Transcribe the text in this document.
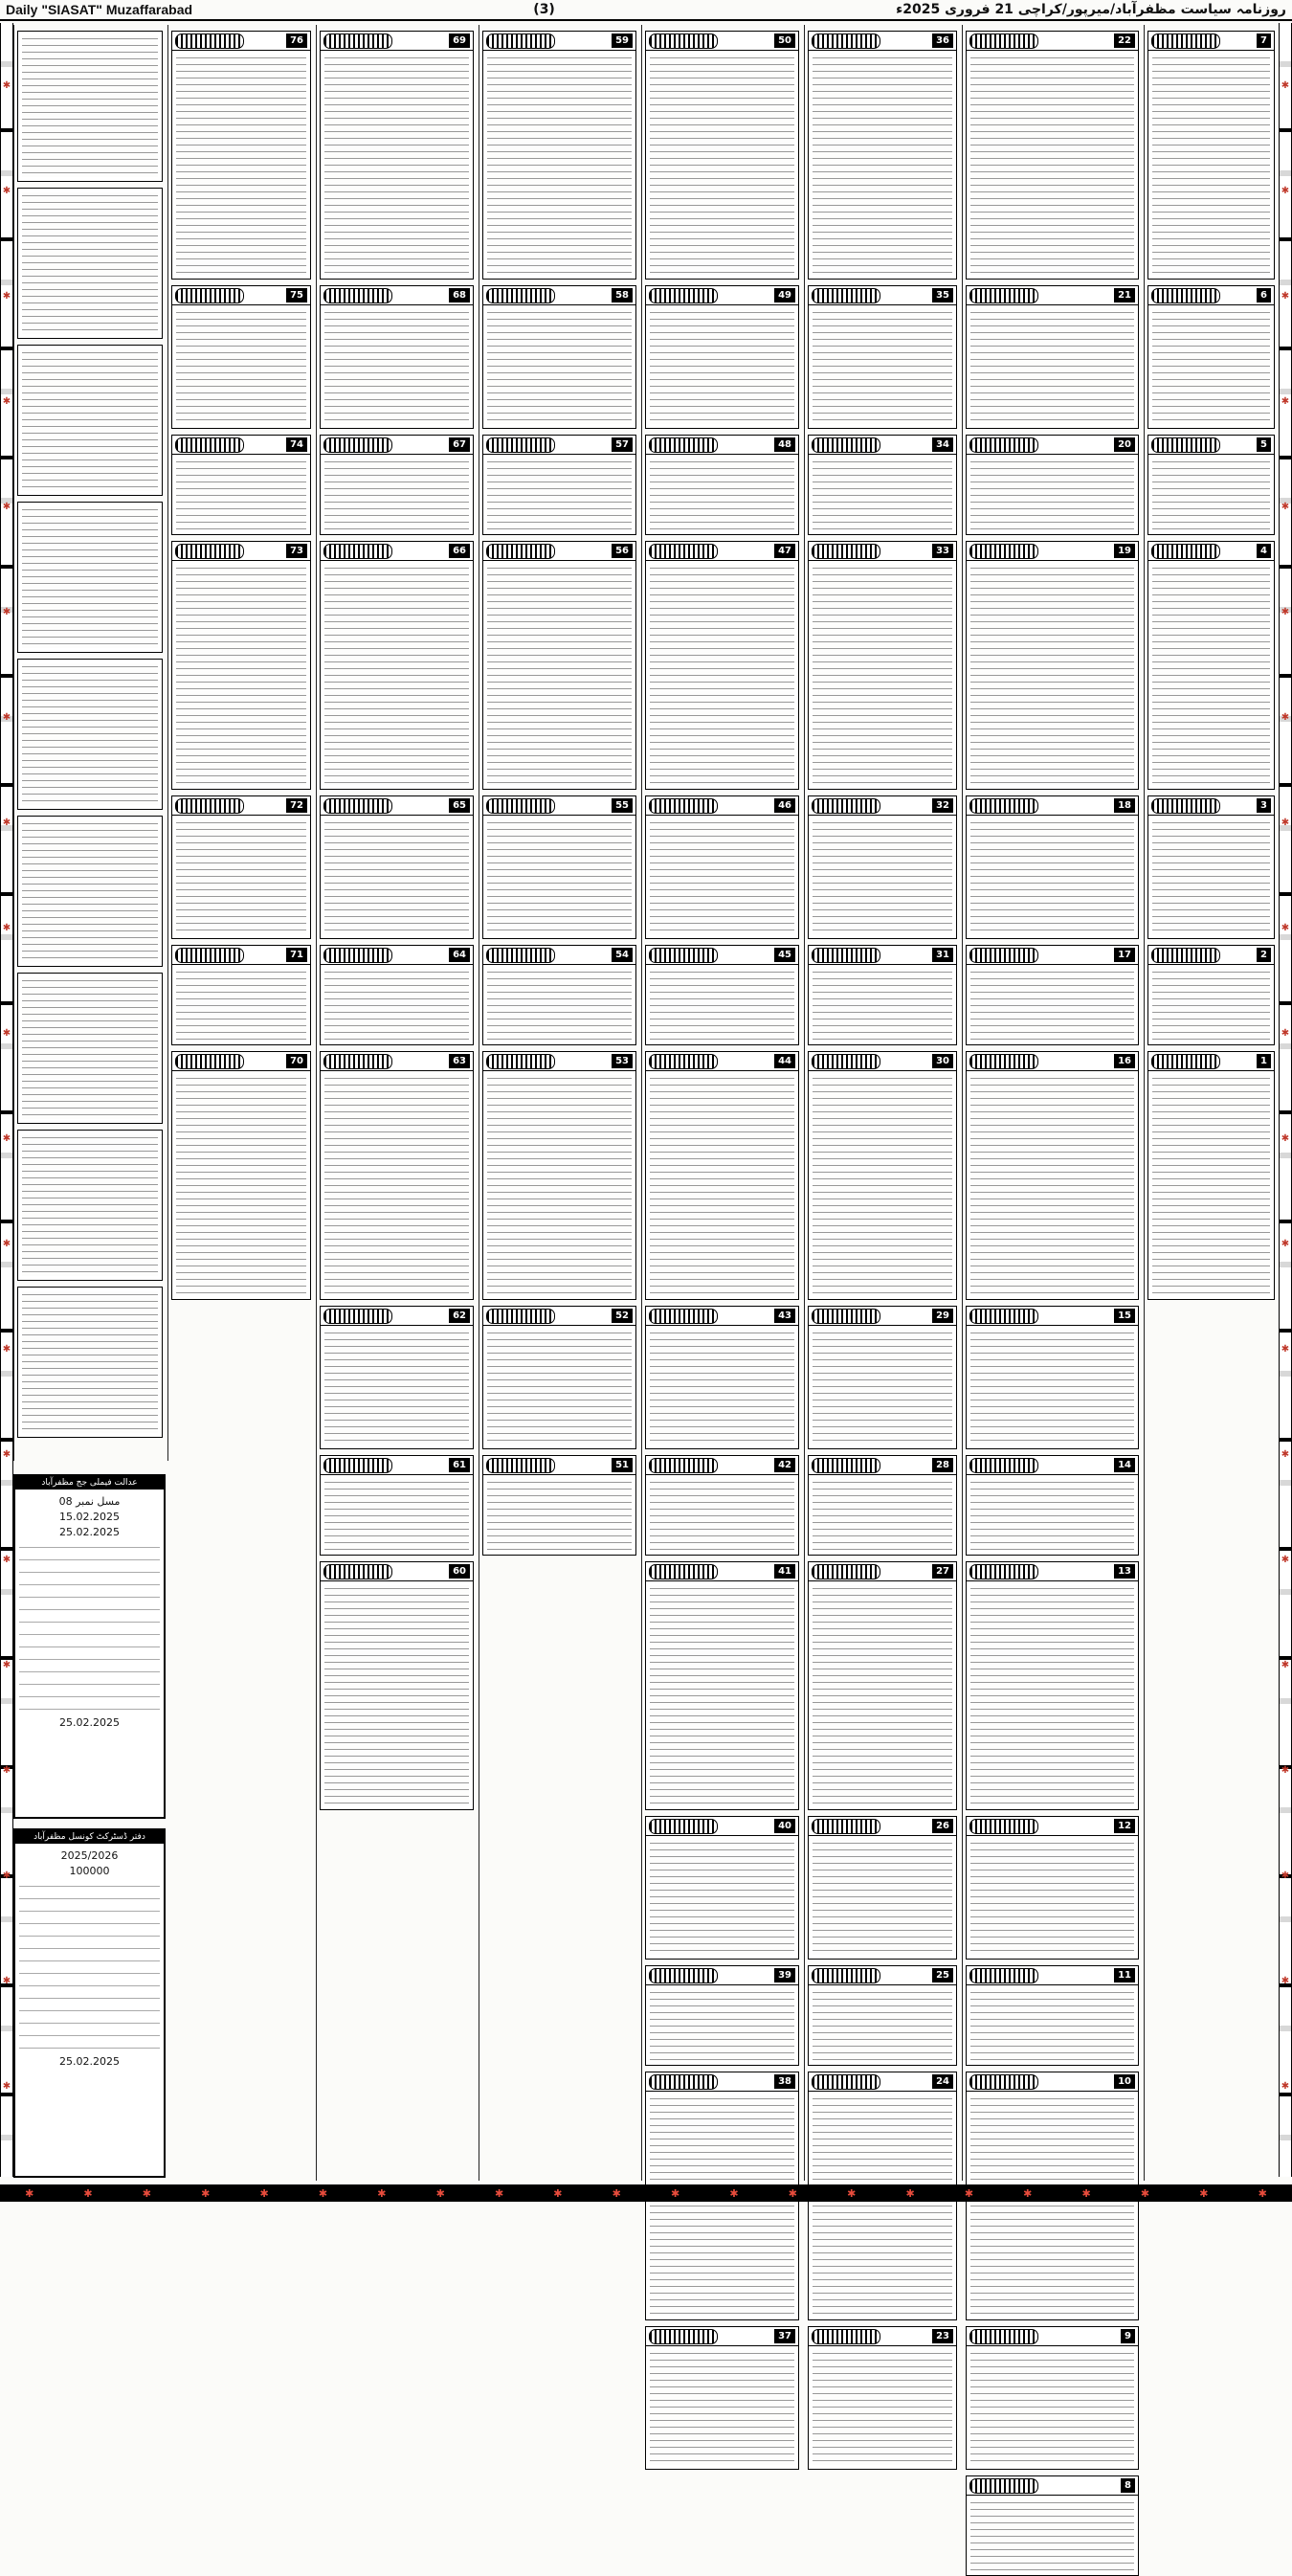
Daily "SIASAT" Muzaffarabad	(3)	روزنامہ سیاست مظفرآباد/میرپور/کراچی 21 فروری 2025ء
✱
✱
✱
✱
✱
✱
✱
✱
✱
✱
✱
✱
✱
✱
✱
✱
✱
✱
✱
✱
✱
✱
✱
✱
✱
✱
✱
✱
✱
✱
✱
✱
✱
✱
✱
✱
✱
✱
✱
✱
7
6
5
4
3
2
1
22
21
20
19
18
17
16
15
14
13
12
11
10
9
8
36
35
34
33
32
31
30
29
28
27
26
25
24
23
50
49
48
47
46
45
44
43
42
41
40
39
38
37
59
58
57
56
55
54
53
52
51
69
68
67
66
65
64
63
62
61
60
76
75
74
73
72
71
70
عدالت فیملی جج مظفرآباد
مسل نمبر 08
15.02.2025
25.02.2025
25.02.2025
دفتر ڈسٹرکٹ کونسل مظفرآباد
2025/2026
100000
25.02.2025
✱	✱	✱	✱	✱	✱	✱	✱	✱	✱	✱	✱	✱	✱	✱	✱	✱	✱	✱	✱	✱	✱
